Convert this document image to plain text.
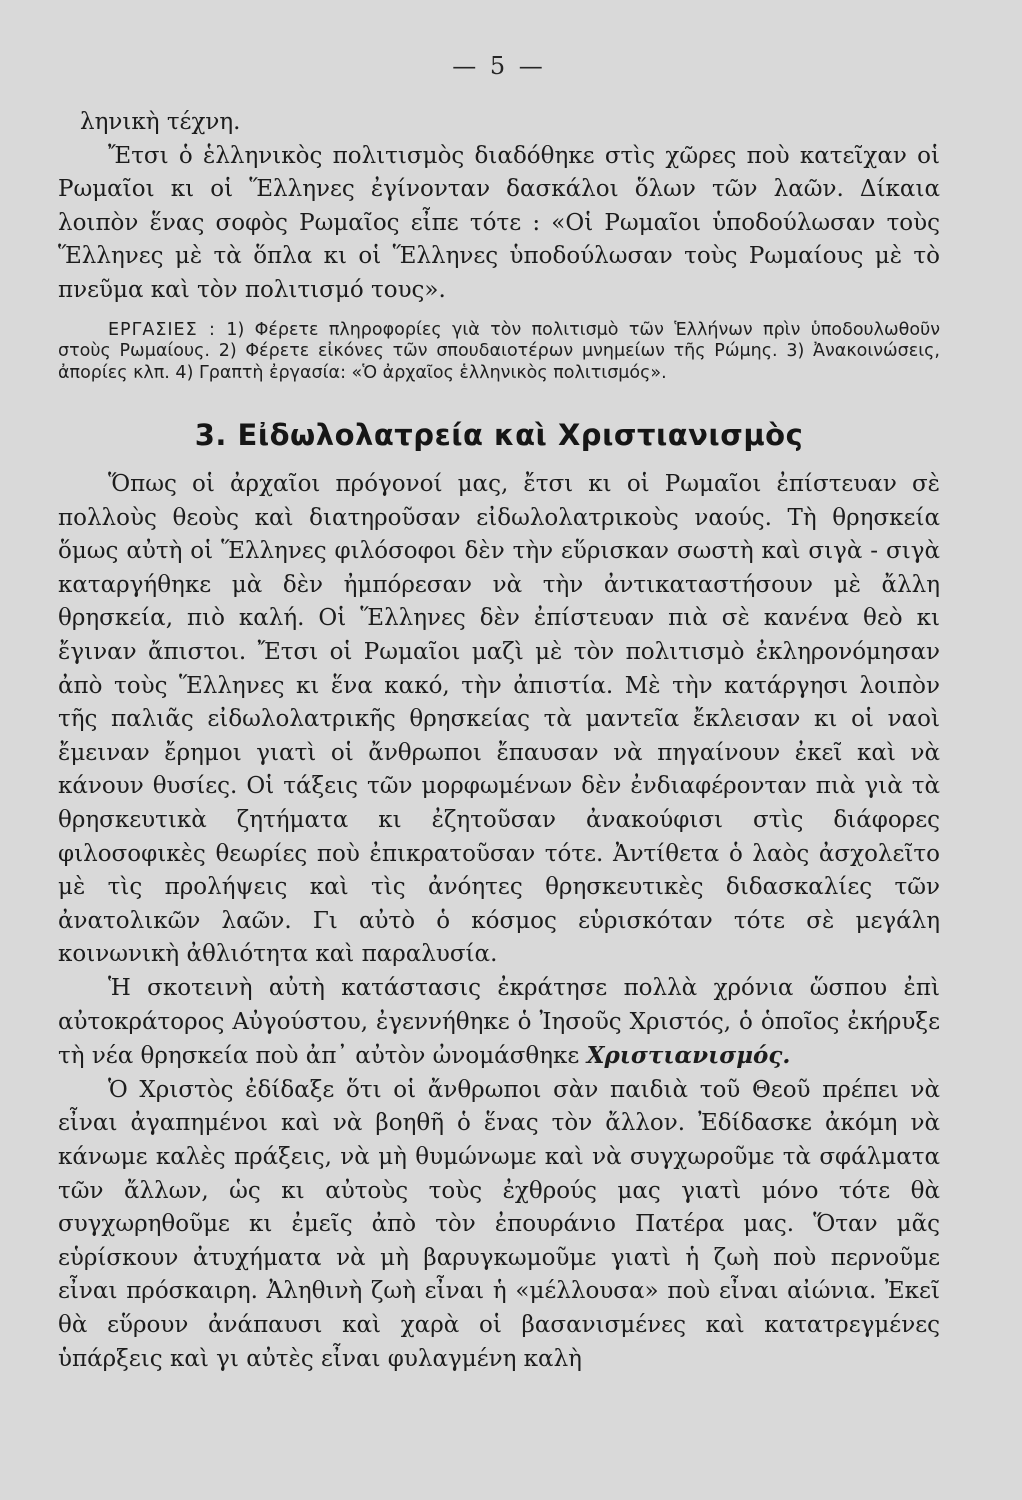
— 5 —

ληνικὴ τέχνη.

Ἔτσι ὁ ἑλληνικὸς πολιτισμὸς διαδόθηκε στὶς χῶρες ποὺ κατεῖχαν οἱ Ρωμαῖοι κι οἱ Ἕλληνες ἐγίνονταν δασκάλοι ὅλων τῶν λαῶν. Δίκαια λοιπὸν ἕνας σοφὸς Ρωμαῖος εἶπε τότε : «Οἱ Ρωμαῖοι ὑποδούλωσαν τοὺς Ἕλληνες μὲ τὰ ὅπλα κι οἱ Ἕλληνες ὑποδούλωσαν τοὺς Ρωμαίους μὲ τὸ πνεῦμα καὶ τὸν πολιτισμό τους».

ΕΡΓΑΣΙΕΣ : 1) Φέρετε πληροφορίες γιὰ τὸν πολιτισμὸ τῶν Ἑλλήνων πρὶν ὑποδουλωθοῦν στοὺς Ρωμαίους. 2) Φέρετε εἰκόνες τῶν σπουδαιοτέρων μνημείων τῆς Ρώμης. 3) Ἀνακοινώσεις, ἀπορίες κλπ. 4) Γραπτὴ ἐργασία: «Ὁ ἀρχαῖος ἑλληνικὸς πολιτισμός».

3. Εἰδωλολατρεία καὶ Χριστιανισμὸς

Ὅπως οἱ ἀρχαῖοι πρόγονοί μας, ἔτσι κι οἱ Ρωμαῖοι ἐπίστευαν σὲ πολλοὺς θεοὺς καὶ διατηροῦσαν εἰδωλολατρικοὺς ναούς. Τὴ θρησκεία ὅμως αὐτὴ οἱ Ἕλληνες φιλόσοφοι δὲν τὴν εὕρισκαν σωστὴ καὶ σιγὰ - σιγὰ καταργήθηκε μὰ δὲν ἠμπόρεσαν νὰ τὴν ἀντικαταστήσουν μὲ ἄλλη θρησκεία, πιὸ καλή. Οἱ Ἕλληνες δὲν ἐπίστευαν πιὰ σὲ κανένα θεὸ κι ἔγιναν ἄπιστοι. Ἔτσι οἱ Ρωμαῖοι μαζὶ μὲ τὸν πολιτισμὸ ἐκληρονόμησαν ἀπὸ τοὺς Ἕλληνες κι ἕνα κακό, τὴν ἀπιστία. Μὲ τὴν κατάργησι λοιπὸν τῆς παλιᾶς εἰδωλολατρικῆς θρησκείας τὰ μαντεῖα ἔκλεισαν κι οἱ ναοὶ ἔμειναν ἔρημοι γιατὶ οἱ ἄνθρωποι ἔπαυσαν νὰ πηγαίνουν ἐκεῖ καὶ νὰ κάνουν θυσίες. Οἱ τάξεις τῶν μορφωμένων δὲν ἐνδιαφέρονταν πιὰ γιὰ τὰ θρησκευτικὰ ζητήματα κι ἐζητοῦσαν ἀνακούφισι στὶς διάφορες φιλοσοφικὲς θεωρίες ποὺ ἐπικρατοῦσαν τότε. Ἀντίθετα ὁ λαὸς ἀσχολεῖτο μὲ τὶς προλήψεις καὶ τὶς ἀνόητες θρησκευτικὲς διδασκαλίες τῶν ἀνατολικῶν λαῶν. Γι αὐτὸ ὁ κόσμος εὑρισκόταν τότε σὲ μεγάλη κοινωνικὴ ἀθλιότητα καὶ παραλυσία.

Ἡ σκοτεινὴ αὐτὴ κατάστασις ἐκράτησε πολλὰ χρόνια ὥσπου ἐπὶ αὐτοκράτορος Αὐγούστου, ἐγεννήθηκε ὁ Ἰησοῦς Χριστός, ὁ ὁποῖος ἐκήρυξε τὴ νέα θρησκεία ποὺ ἀπ᾽ αὐτὸν ὠνομάσθηκε Χριστιανισμός.

Ὁ Χριστὸς ἐδίδαξε ὅτι οἱ ἄνθρωποι σὰν παιδιὰ τοῦ Θεοῦ πρέπει νὰ εἶναι ἀγαπημένοι καὶ νὰ βοηθῆ ὁ ἕνας τὸν ἄλλον. Ἐδίδασκε ἀκόμη νὰ κάνωμε καλὲς πράξεις, νὰ μὴ θυμώνωμε καὶ νὰ συγχωροῦμε τὰ σφάλματα τῶν ἄλλων, ὡς κι αὐτοὺς τοὺς ἐχθρούς μας γιατὶ μόνο τότε θὰ συγχωρηθοῦμε κι ἐμεῖς ἀπὸ τὸν ἐπουράνιο Πατέρα μας. Ὅταν μᾶς εὑρίσκουν ἀτυχήματα νὰ μὴ βαρυγκωμοῦμε γιατὶ ἡ ζωὴ ποὺ περνοῦμε εἶναι πρόσκαιρη. Ἀληθινὴ ζωὴ εἶναι ἡ «μέλλουσα» ποὺ εἶναι αἰώνια. Ἐκεῖ θὰ εὕρουν ἀνάπαυσι καὶ χαρὰ οἱ βασανισμένες καὶ κατατρεγμένες ὑπάρξεις καὶ γι αὐτὲς εἶναι φυλαγμένη καλὴ
